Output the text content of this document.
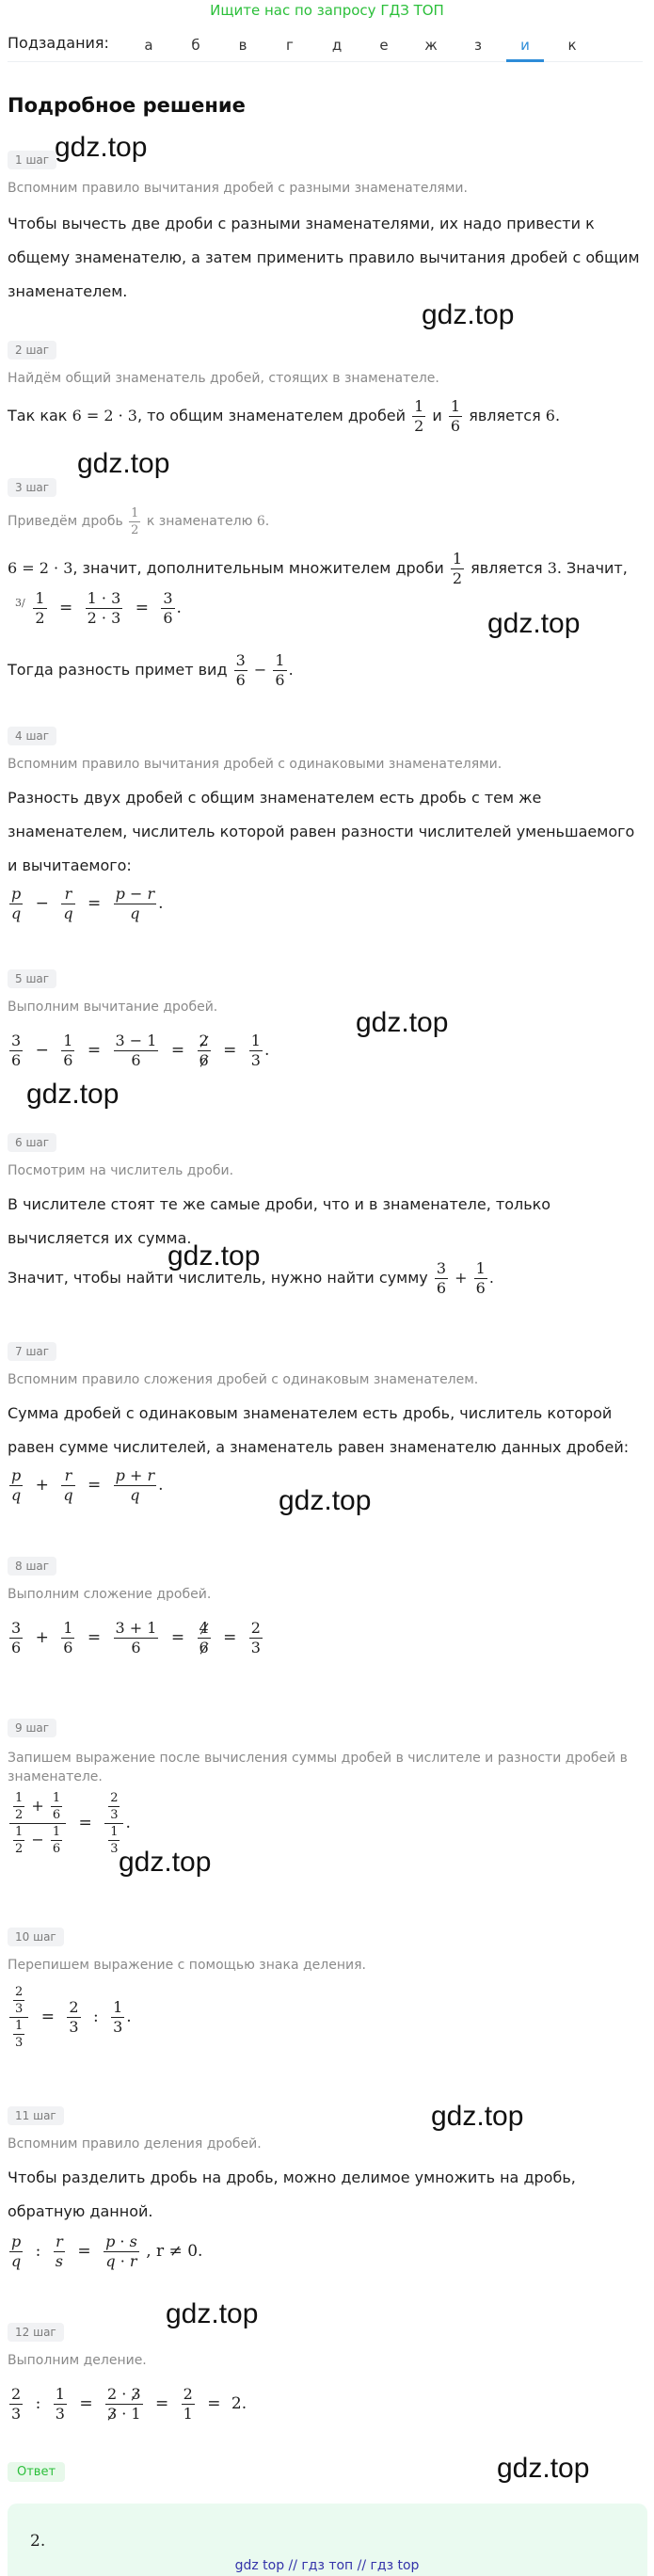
Ищите нас по запросу ГДЗ ТОП
Подзадания:	а	б	в	г	д	е	ж	з	и	к
Подробное решение
1 шаг
Вспомним правило вычитания дробей с разными знаменателями.
Чтобы вычесть две дроби с разными знаменателями, их надо привести к общему знаменателю, а затем применить правило вычитания дробей с общим знаменателем.
2 шаг
Найдём общий знаменатель дробей, стоящих в знаменателе.
Так как 6 = 2 · 3, то общим знаменателем дробей $\frac{1}{2}$ и $\frac{1}{6}$ является 6.
3 шаг
Приведём дробь $\frac{1}{2}$ к знаменателю 6.
6 = 2 · 3, значит, дополнительным множителем дроби $\frac{1}{2}$ является 3. Значит,
3/
$\frac{1}{2} = \frac{1 \cdot 3}{2 \cdot 3} = \frac{3}{6}$ .
Тогда разность примет вид $\frac{3}{6} - \frac{1}{6}$ .
4 шаг
Вспомним правило вычитания дробей с одинаковыми знаменателями.
Разность двух дробей с общим знаменателем есть дробь с тем же знаменателем, числитель которой равен разности числителей уменьшаемого и вычитаемого:
$\frac{p}{q} - \frac{r}{q} = \frac{p - r}{q}$ .
5 шаг
Выполним вычитание дробей.
$\frac{3}{6} - \frac{1}{6} = \frac{3 - 1}{6} = \frac{2}{6} = \frac{1}{3}$ .
6 шаг
Посмотрим на числитель дроби.
В числителе стоят те же самые дроби, что и в знаменателе, только вычисляется их сумма.
Значит, чтобы найти числитель, нужно найти сумму $\frac{3}{6} + \frac{1}{6}$ .
7 шаг
Вспомним правило сложения дробей с одинаковым знаменателем.
Сумма дробей с одинаковым знаменателем есть дробь, числитель которой равен сумме числителей, а знаменатель равен знаменателю данных дробей:
$\frac{p}{q} + \frac{r}{q} = \frac{p + r}{q}$ .
8 шаг
Выполним сложение дробей.
$\frac{3}{6} + \frac{1}{6} = \frac{3 + 1}{6} = \frac{4}{6} = \frac{2}{3}$
9 шаг
Запишем выражение после вычисления суммы дробей в числителе и разности дробей в знаменателе.
$\frac{\frac{1}{2} + \frac{1}{6}}{\frac{1}{2} - \frac{1}{6}} = \frac{\frac{2}{3}}{\frac{1}{3}}$ .
10 шаг
Перепишем выражение с помощью знака деления.
$\frac{\frac{2}{3}}{\frac{1}{3}} = \frac{2}{3}$ : $\frac{1}{3}$ .
11 шаг
Вспомним правило деления дробей.
Чтобы разделить дробь на дробь, можно делимое умножить на дробь, обратную данной.
$\frac{p}{q}$ : $\frac{r}{s} = \frac{p \cdot s}{q \cdot r}$ , r ≠ 0.
12 шаг
Выполним деление.
$\frac{2}{3}$ : $\frac{1}{3} = \frac{2 \cdot 3}{3 \cdot 1} = \frac{2}{1} = 2$.
Ответ
2.
gdz.top
gdz.top
gdz.top
gdz.top
gdz.top
gdz.top
gdz.top
gdz.top
gdz.top
gdz.top
gdz.top
gdz.top
gdz top // гдз топ // гдз top
